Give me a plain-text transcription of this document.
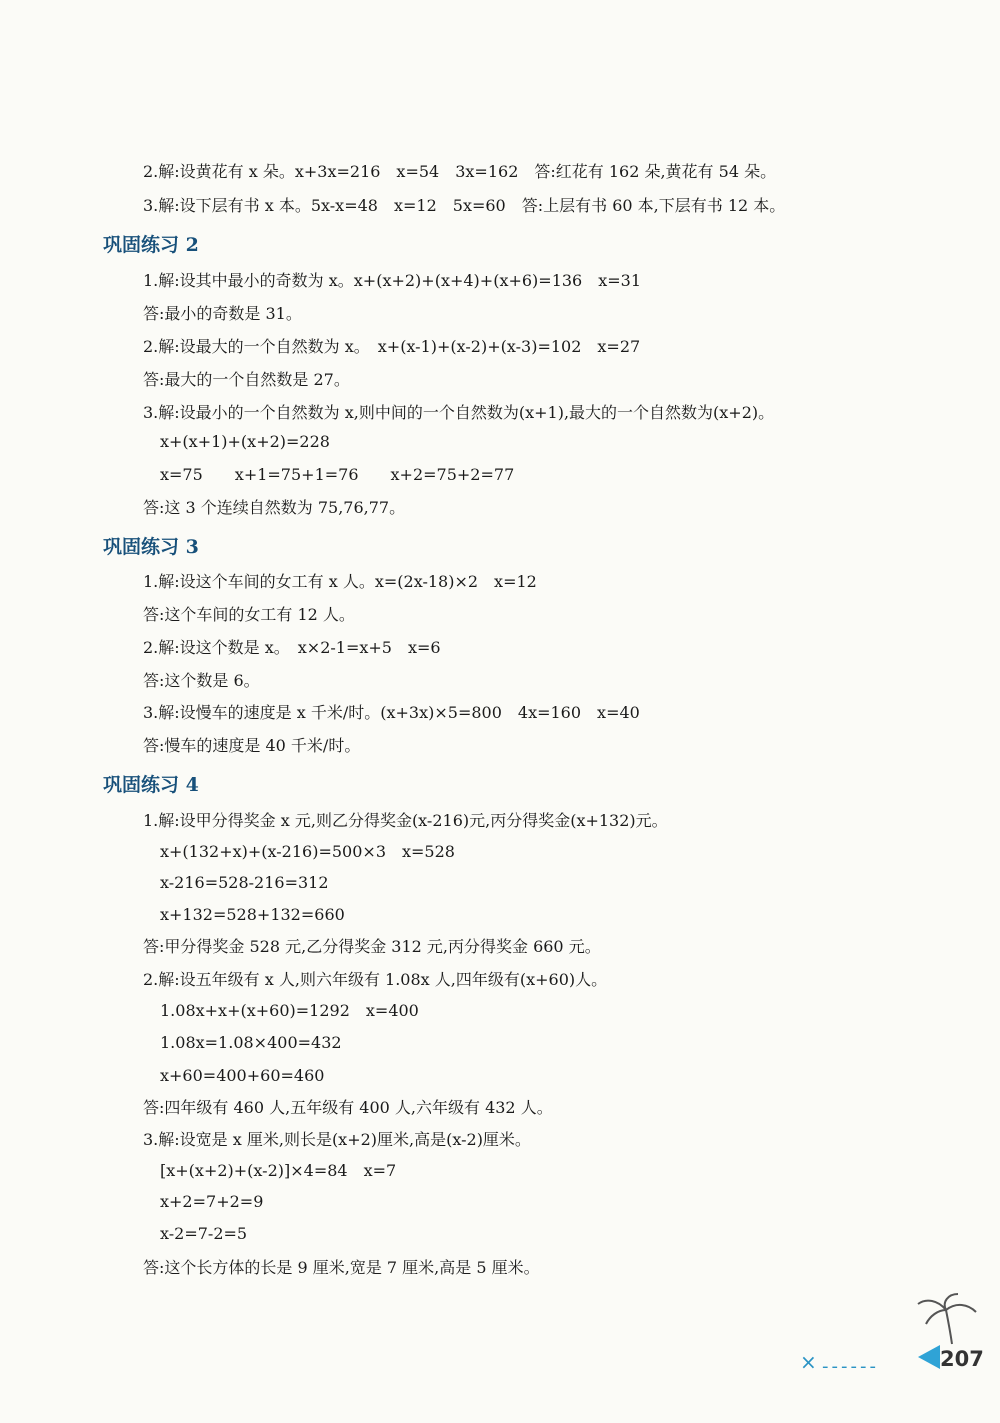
2.解:设黄花有 x 朵。x+3x=216　x=54　3x=162　答:红花有 162 朵,黄花有 54 朵。
3.解:设下层有书 x 本。5x-x=48　x=12　5x=60　答:上层有书 60 本,下层有书 12 本。
巩固练习 2
1.解:设其中最小的奇数为 x。x+(x+2)+(x+4)+(x+6)=136　x=31
答:最小的奇数是 31。
2.解:设最大的一个自然数为 x。　x+(x-1)+(x-2)+(x-3)=102　x=27
答:最大的一个自然数是 27。
3.解:设最小的一个自然数为 x,则中间的一个自然数为(x+1),最大的一个自然数为(x+2)。
x+(x+1)+(x+2)=228
x=75　　x+1=75+1=76　　x+2=75+2=77
答:这 3 个连续自然数为 75,76,77。
巩固练习 3
1.解:设这个车间的女工有 x 人。x=(2x-18)×2　x=12
答:这个车间的女工有 12 人。
2.解:设这个数是 x。　x×2-1=x+5　x=6
答:这个数是 6。
3.解:设慢车的速度是 x 千米/时。(x+3x)×5=800　4x=160　x=40
答:慢车的速度是 40 千米/时。
巩固练习 4
1.解:设甲分得奖金 x 元,则乙分得奖金(x-216)元,丙分得奖金(x+132)元。
x+(132+x)+(x-216)=500×3　x=528
x-216=528-216=312
x+132=528+132=660
答:甲分得奖金 528 元,乙分得奖金 312 元,丙分得奖金 660 元。
2.解:设五年级有 x 人,则六年级有 1.08x 人,四年级有(x+60)人。
1.08x+x+(x+60)=1292　x=400
1.08x=1.08×400=432
x+60=400+60=460
答:四年级有 460 人,五年级有 400 人,六年级有 432 人。
3.解:设宽是 x 厘米,则长是(x+2)厘米,高是(x-2)厘米。
[x+(x+2)+(x-2)]×4=84　x=7
x+2=7+2=9
x-2=7-2=5
答:这个长方体的长是 9 厘米,宽是 7 厘米,高是 5 厘米。
× ------	207
